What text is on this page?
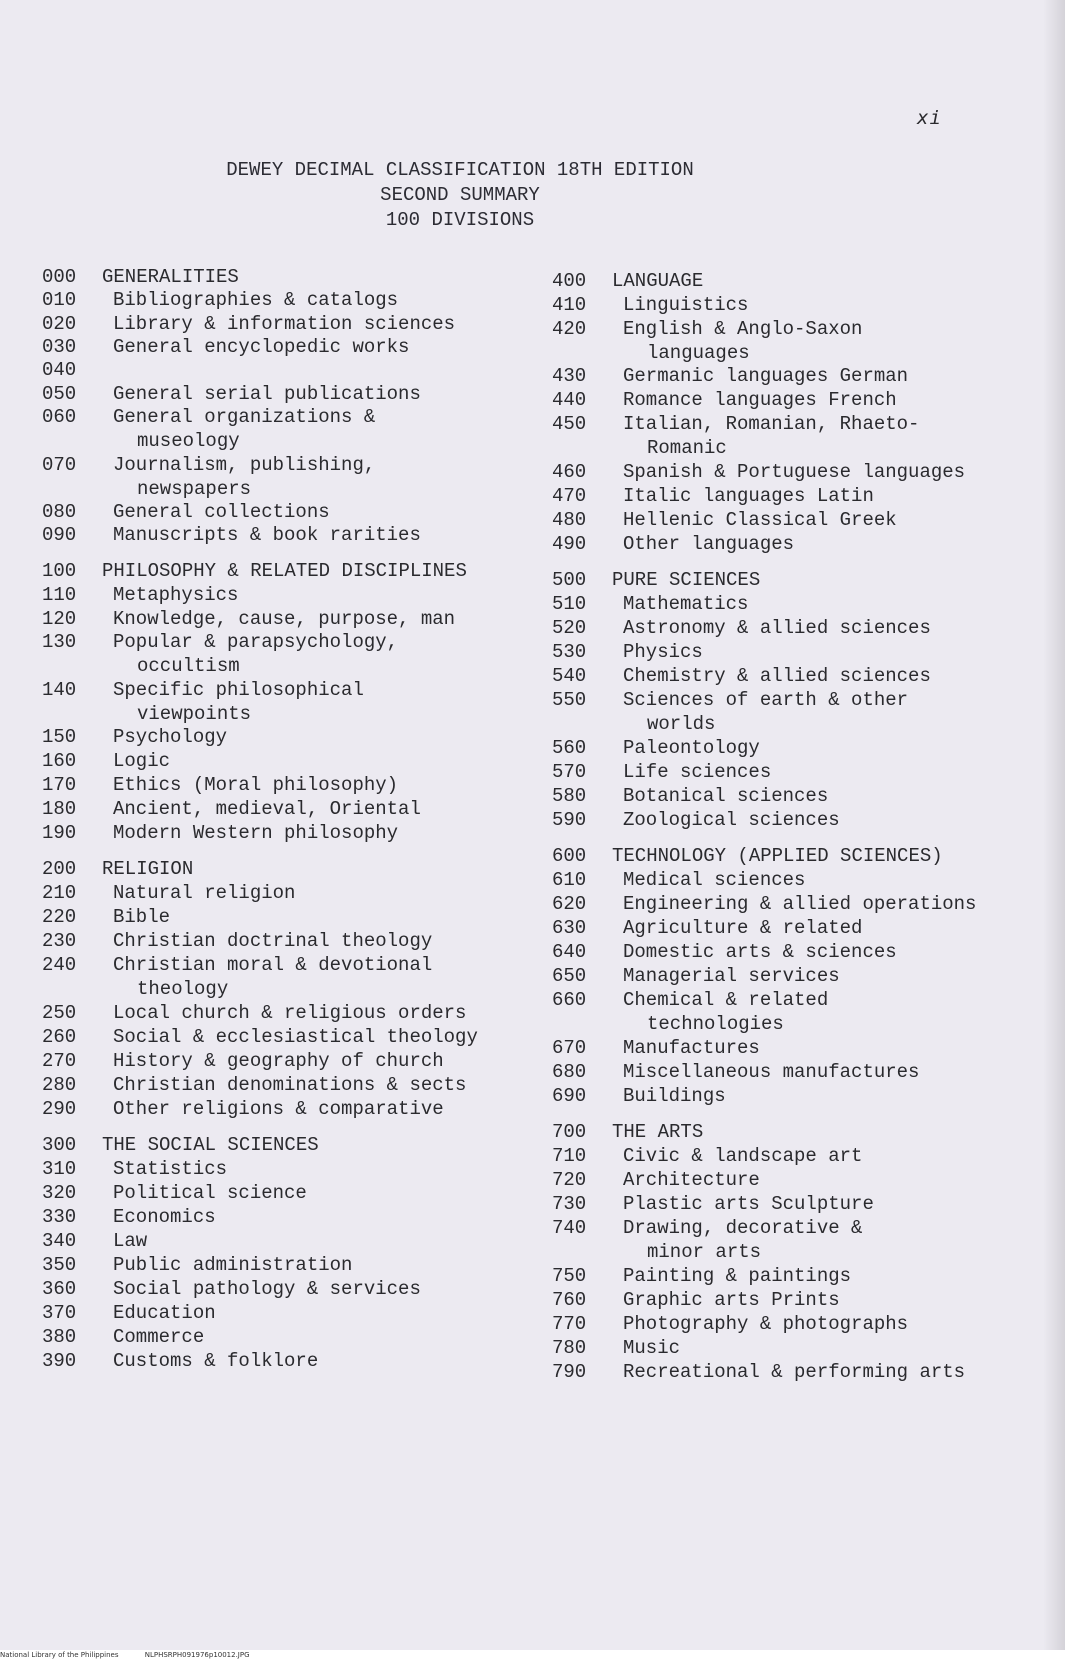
xi
DEWEY DECIMAL CLASSIFICATION 18TH EDITION
SECOND SUMMARY
100 DIVISIONS
000	GENERALITIES
010	Bibliographies & catalogs
020	Library & information sciences
030	General encyclopedic works
040
050	General serial publications
060	General organizations &
museology
070	Journalism, publishing,
newspapers
080	General collections
090	Manuscripts & book rarities
100	PHILOSOPHY & RELATED DISCIPLINES
110	Metaphysics
120	Knowledge, cause, purpose, man
130	Popular & parapsychology,
occultism
140	Specific philosophical
viewpoints
150	Psychology
160	Logic
170	Ethics (Moral philosophy)
180	Ancient, medieval, Oriental
190	Modern Western philosophy
200	RELIGION
210	Natural religion
220	Bible
230	Christian doctrinal theology
240	Christian moral & devotional
theology
250	Local church & religious orders
260	Social & ecclesiastical theology
270	History & geography of church
280	Christian denominations & sects
290	Other religions & comparative
300	THE SOCIAL SCIENCES
310	Statistics
320	Political science
330	Economics
340	Law
350	Public administration
360	Social pathology & services
370	Education
380	Commerce
390	Customs & folklore
400	LANGUAGE
410	Linguistics
420	English & Anglo-Saxon
languages
430	Germanic languages German
440	Romance languages French
450	Italian, Romanian, Rhaeto-
Romanic
460	Spanish & Portuguese languages
470	Italic languages Latin
480	Hellenic Classical Greek
490	Other languages
500	PURE SCIENCES
510	Mathematics
520	Astronomy & allied sciences
530	Physics
540	Chemistry & allied sciences
550	Sciences of earth & other
worlds
560	Paleontology
570	Life sciences
580	Botanical sciences
590	Zoological sciences
600	TECHNOLOGY (APPLIED SCIENCES)
610	Medical sciences
620	Engineering & allied operations
630	Agriculture & related
640	Domestic arts & sciences
650	Managerial services
660	Chemical & related
technologies
670	Manufactures
680	Miscellaneous manufactures
690	Buildings
700	THE ARTS
710	Civic & landscape art
720	Architecture
730	Plastic arts Sculpture
740	Drawing, decorative &
minor arts
750	Painting & paintings
760	Graphic arts Prints
770	Photography & photographs
780	Music
790	Recreational & performing arts
National Library of the Philippines	NLPHSRPH091976p10012.JPG
